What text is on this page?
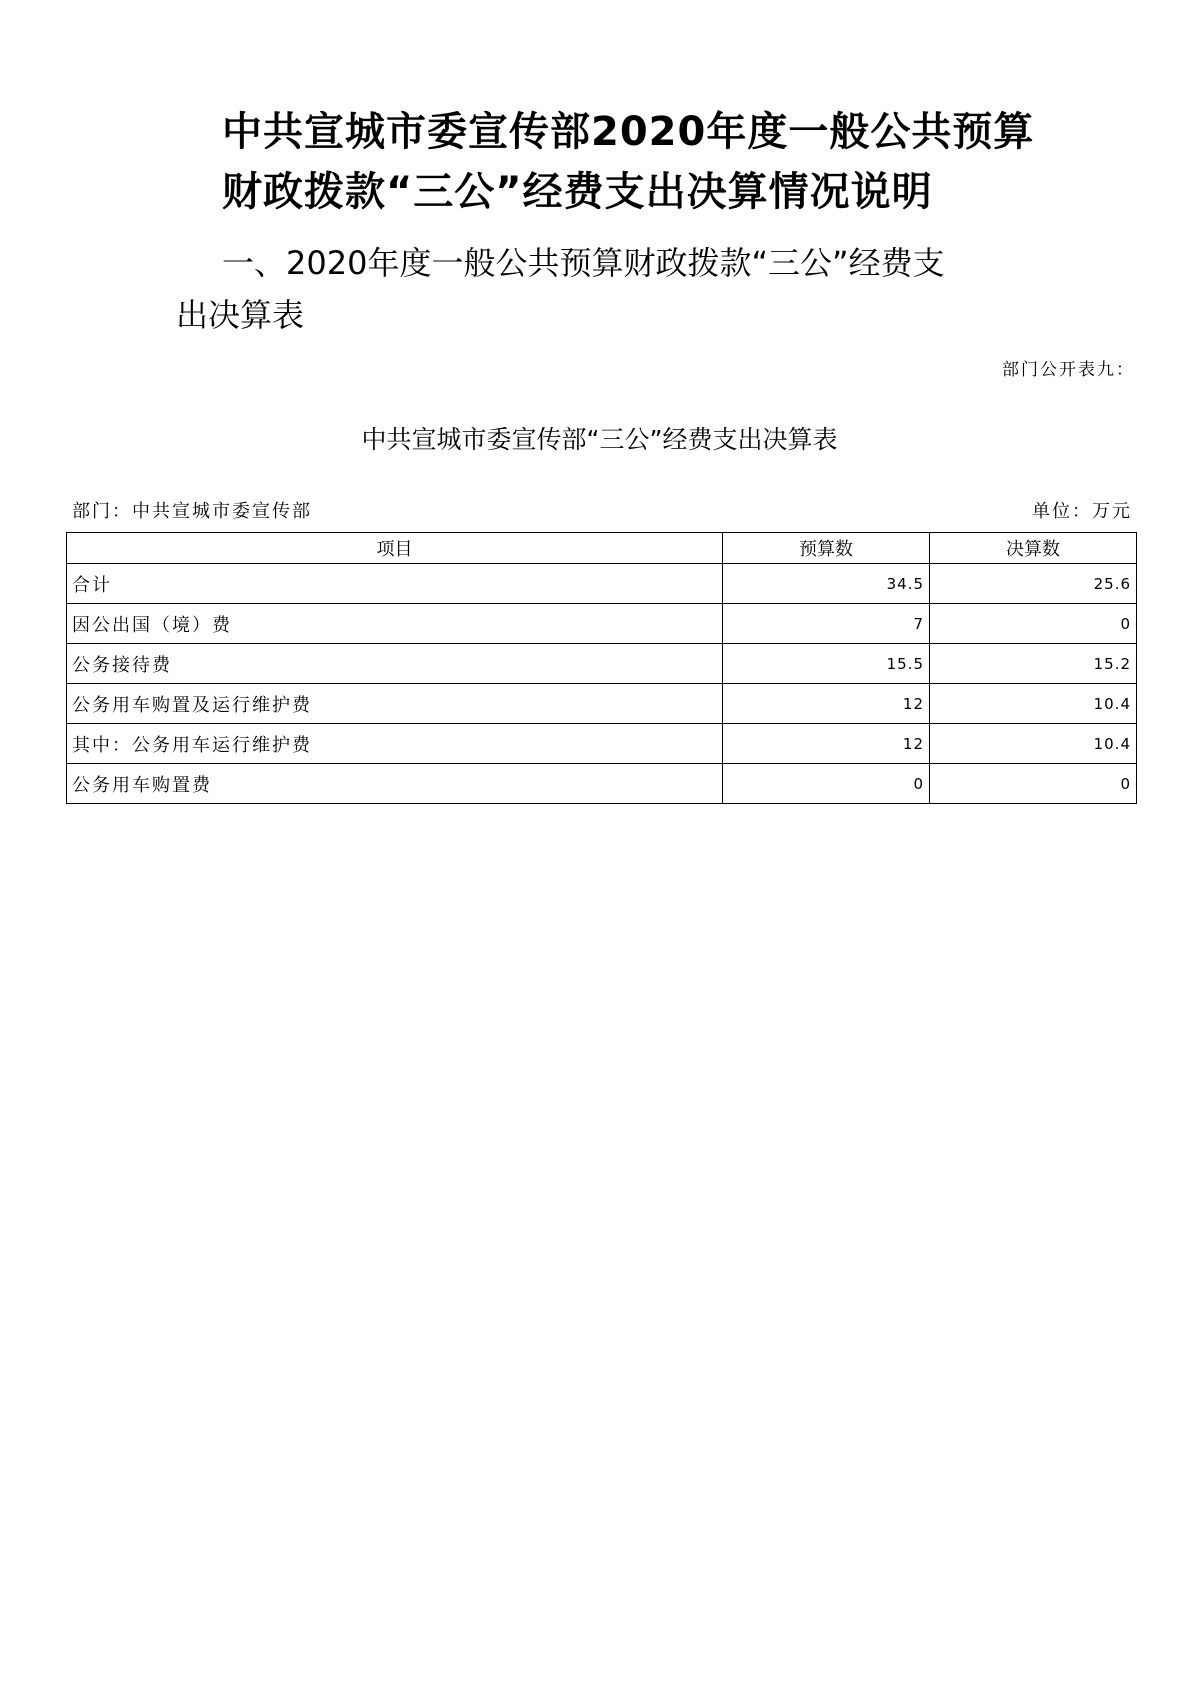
中共宣城市委宣传部2020年度一般公共预算
财政拨款“三公”经费支出决算情况说明
一、2020年度一般公共预算财政拨款“三公”经费支
出决算表
部门公开表九：
中共宣城市委宣传部“三公”经费支出决算表
部门：中共宣城市委宣传部	单位：万元
项目	预算数	决算数
合计	34.5	25.6
因公出国（境）费	7	0
公务接待费	15.5	15.2
公务用车购置及运行维护费	12	10.4
其中：公务用车运行维护费	12	10.4
公务用车购置费	0	0
